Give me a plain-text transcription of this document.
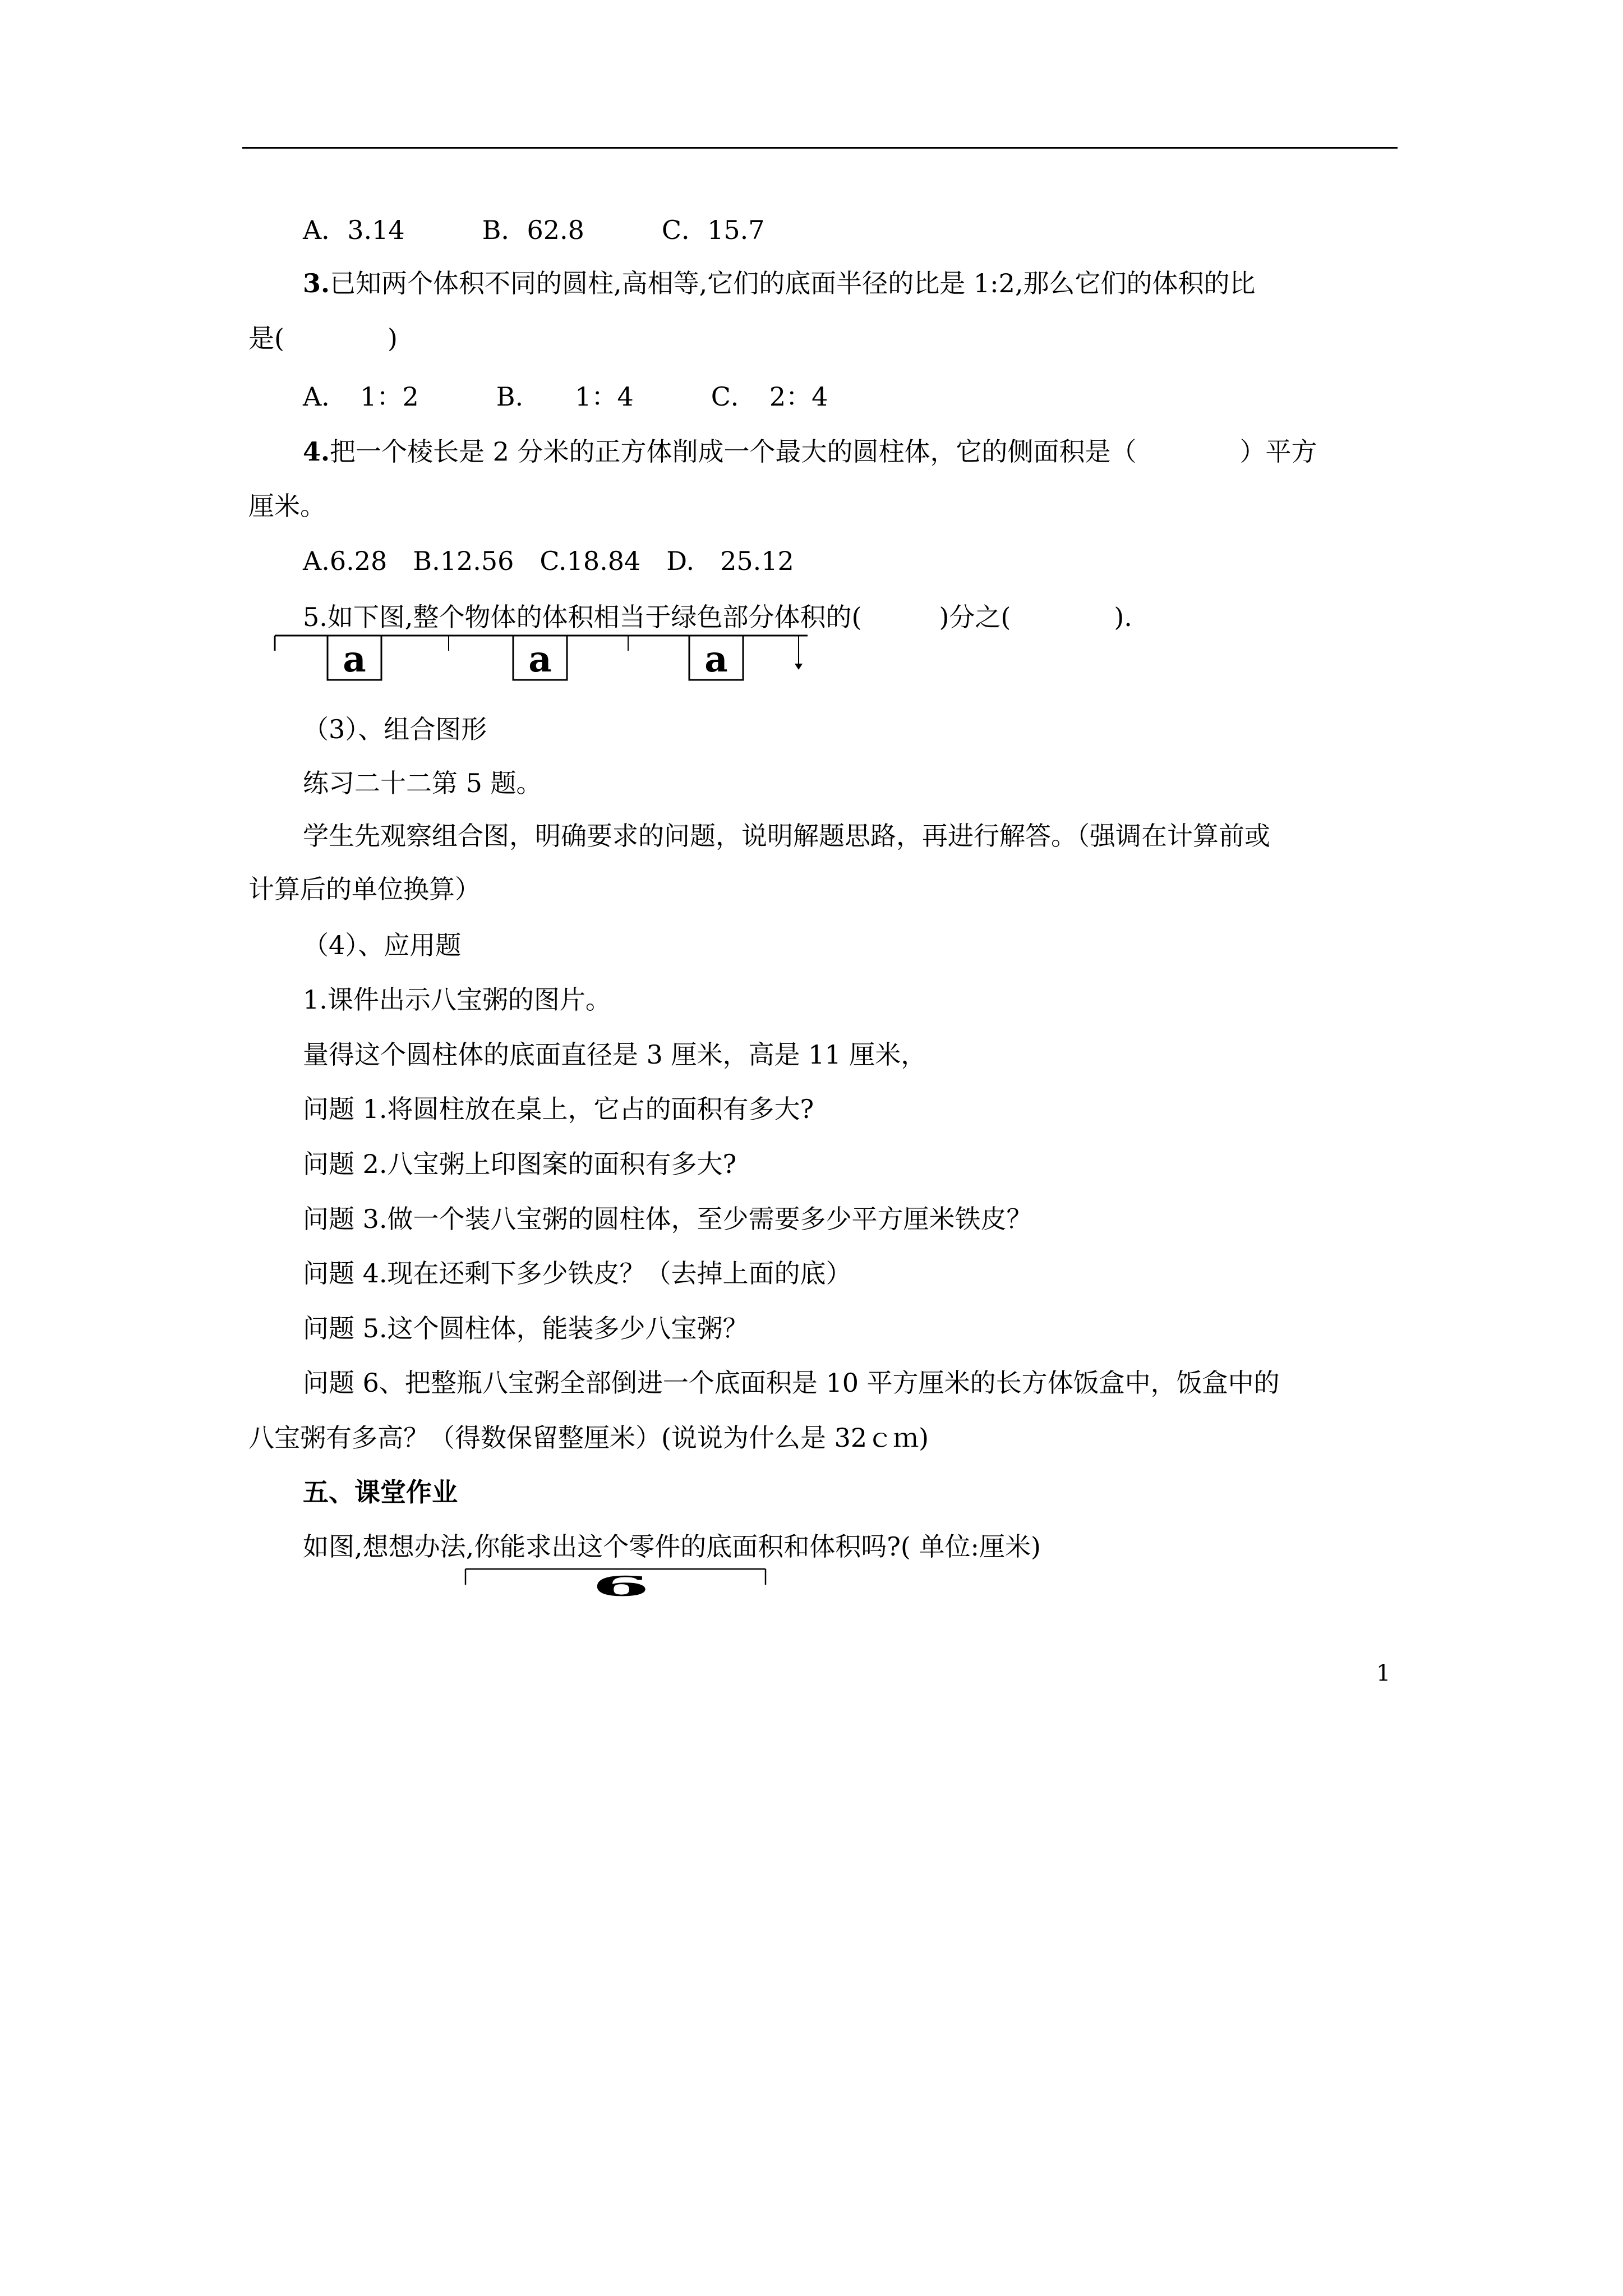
A．3.14　　　B．62.8　　　C．15.7
3.已知两个体积不同的圆柱,高相等,它们的底面半径的比是 1:2,那么它们的体积的比
是(　　　　)
A．　1：2　　　B.　　1：4　　　C．　2：4
4.把一个棱长是 2 分米的正方体削成一个最大的圆柱体，它的侧面积是（　　　　）平方
厘米。
A.6.28　B.12.56　C.18.84　D.　25.12
5.如下图,整个物体的体积相当于绿色部分体积的(　　　)分之(　　　　).
a	a	a
（3）、组合图形
练习二十二第 5 题。
学生先观察组合图，明确要求的问题，说明解题思路，再进行解答。（强调在计算前或
计算后的单位换算）
（4）、应用题
1.课件出示八宝粥的图片。
量得这个圆柱体的底面直径是 3 厘米，高是 11 厘米，
问题 1.将圆柱放在桌上，它占的面积有多大?
问题 2.八宝粥上印图案的面积有多大?
问题 3.做一个装八宝粥的圆柱体，至少需要多少平方厘米铁皮？
问题 4.现在还剩下多少铁皮？（去掉上面的底）
问题 5.这个圆柱体，能装多少八宝粥？
问题 6、把整瓶八宝粥全部倒进一个底面积是 10 平方厘米的长方体饭盒中，饭盒中的
八宝粥有多高？（得数保留整厘米）(说说为什么是 32ｃｍ)
五、课堂作业
如图,想想办法,你能求出这个零件的底面积和体积吗?( 单位:厘米)
6
1
